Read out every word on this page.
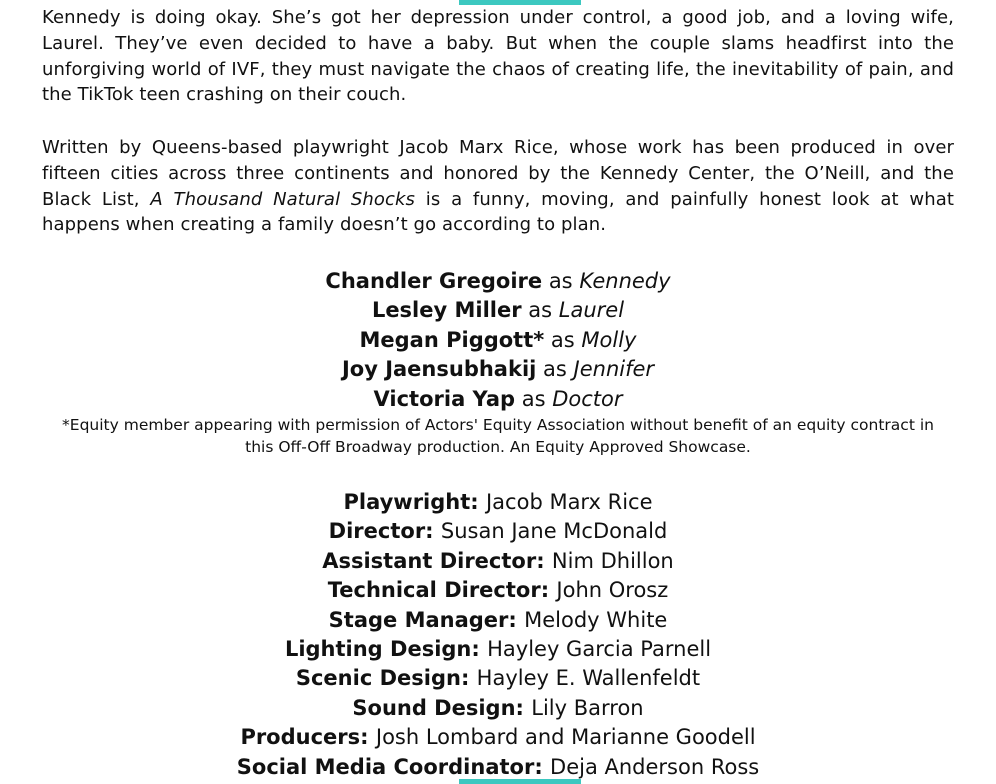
Kennedy is doing okay. She’s got her depression under control, a good job, and a loving wife, Laurel. They’ve even decided to have a baby. But when the couple slams headfirst into the unforgiving world of IVF, they must navigate the chaos of creating life, the inevitability of pain, and the TikTok teen crashing on their couch.

Written by Queens-based playwright Jacob Marx Rice, whose work has been produced in over fifteen cities across three continents and honored by the Kennedy Center, the O’Neill, and the Black List, A Thousand Natural Shocks is a funny, moving, and painfully honest look at what happens when creating a family doesn’t go according to plan.

Chandler Gregoire as Kennedy
Lesley Miller as Laurel
Megan Piggott* as Molly
Joy Jaensubhakij as Jennifer
Victoria Yap as Doctor

*Equity member appearing with permission of Actors' Equity Association without benefit of an equity contract in this Off-Off Broadway production. An Equity Approved Showcase.

Playwright: Jacob Marx Rice
Director: Susan Jane McDonald
Assistant Director: Nim Dhillon
Technical Director: John Orosz
Stage Manager: Melody White
Lighting Design: Hayley Garcia Parnell
Scenic Design: Hayley E. Wallenfeldt
Sound Design: Lily Barron
Producers: Josh Lombard and Marianne Goodell
Social Media Coordinator: Deja Anderson Ross
